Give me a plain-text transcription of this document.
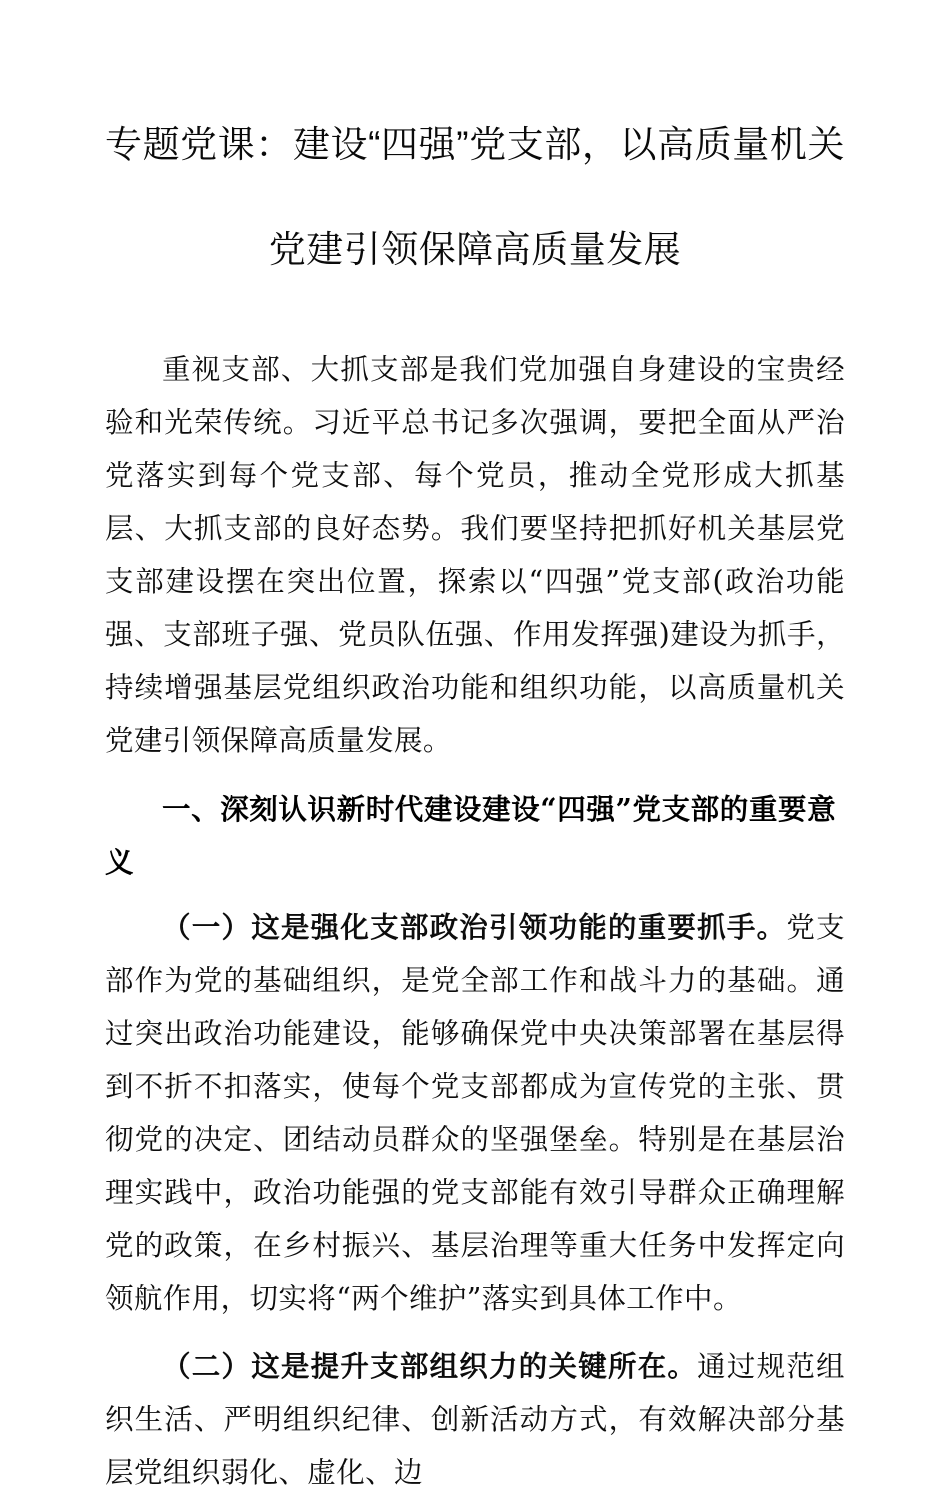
专题党课：建设“四强”党支部，以高质量机关
党建引领保障高质量发展

重视支部、大抓支部是我们党加强自身建设的宝贵经验和光荣传统。习近平总书记多次强调，要把全面从严治党落实到每个党支部、每个党员，推动全党形成大抓基层、大抓支部的良好态势。我们要坚持把抓好机关基层党支部建设摆在突出位置，探索以“四强”党支部(政治功能强、支部班子强、党员队伍强、作用发挥强)建设为抓手，持续增强基层党组织政治功能和组织功能，以高质量机关党建引领保障高质量发展。

一、深刻认识新时代建设建设“四强”党支部的重要意义

（一）这是强化支部政治引领功能的重要抓手。党支部作为党的基础组织，是党全部工作和战斗力的基础。通过突出政治功能建设，能够确保党中央决策部署在基层得到不折不扣落实，使每个党支部都成为宣传党的主张、贯彻党的决定、团结动员群众的坚强堡垒。特别是在基层治理实践中，政治功能强的党支部能有效引导群众正确理解党的政策，在乡村振兴、基层治理等重大任务中发挥定向领航作用，切实将“两个维护”落实到具体工作中。

（二）这是提升支部组织力的关键所在。通过规范组织生活、严明组织纪律、创新活动方式，有效解决部分基层党组织弱化、虚化、边
